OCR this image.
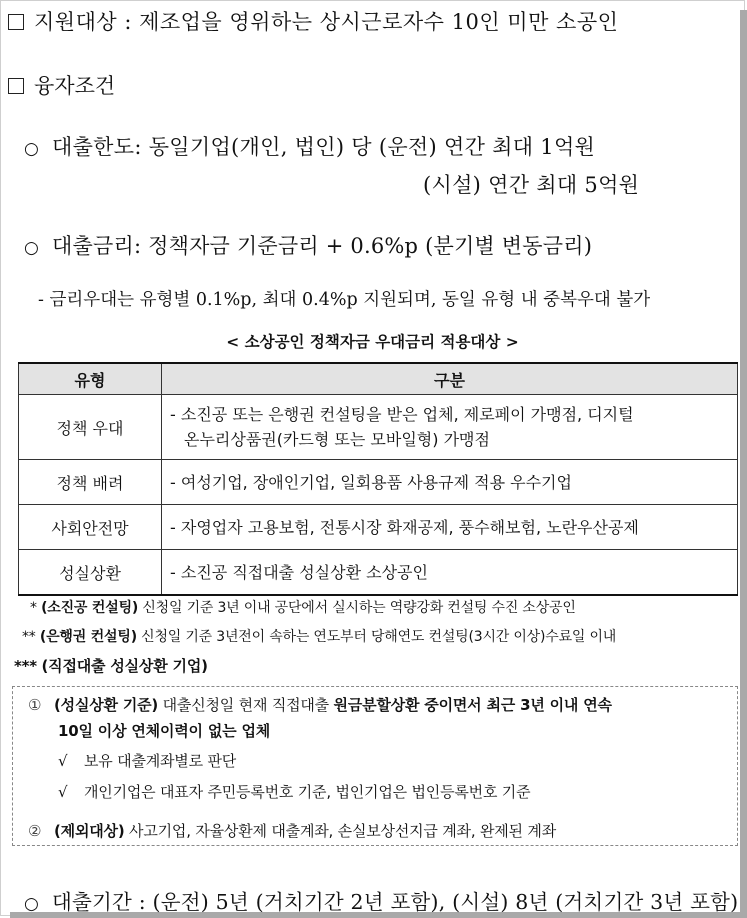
지원대상 : 제조업을 영위하는 상시근로자수 10인 미만 소공인
융자조건
○ 대출한도: 동일기업(개인, 법인) 당 (운전) 연간 최대 1억원
(시설) 연간 최대 5억원
○ 대출금리: 정책자금 기준금리 + 0.6%p (분기별 변동금리)
- 금리우대는 유형별 0.1%p, 최대 0.4%p 지원되며, 동일 유형 내 중복우대 불가
< 소상공인 정책자금 우대금리 적용대상 >
유형	구분
정책 우대	- 소진공 또는 은행권 컨설팅을 받은 업체, 제로페이 가맹점, 디지털
온누리상품권(카드형 또는 모바일형) 가맹점

정책 배려	- 여성기업, 장애인기업, 일회용품 사용규제 적용 우수기업
사회안전망	- 자영업자 고용보험, 전통시장 화재공제, 풍수해보험, 노란우산공제
성실상환	- 소진공 직접대출 성실상환 소상공인
* (소진공 컨설팅) 신청일 기준 3년 이내 공단에서 실시하는 역량강화 컨설팅 수진 소상공인
** (은행권 컨설팅) 신청일 기준 3년전이 속하는 연도부터 당해연도 컨설팅(3시간 이상)수료일 이내
*** (직접대출 성실상환 기업)
① (성실상환 기준) 대출신청일 현재 직접대출 원금분할상환 중이면서 최근 3년 이내 연속
10일 이상 연체이력이 없는 업체
√ 보유 대출계좌별로 판단
√ 개인기업은 대표자 주민등록번호 기준, 법인기업은 법인등록번호 기준
② (제외대상) 사고기업, 자율상환제 대출계좌, 손실보상선지급 계좌, 완제된 계좌
○ 대출기간 : (운전) 5년 (거치기간 2년 포함), (시설) 8년 (거치기간 3년 포함)
